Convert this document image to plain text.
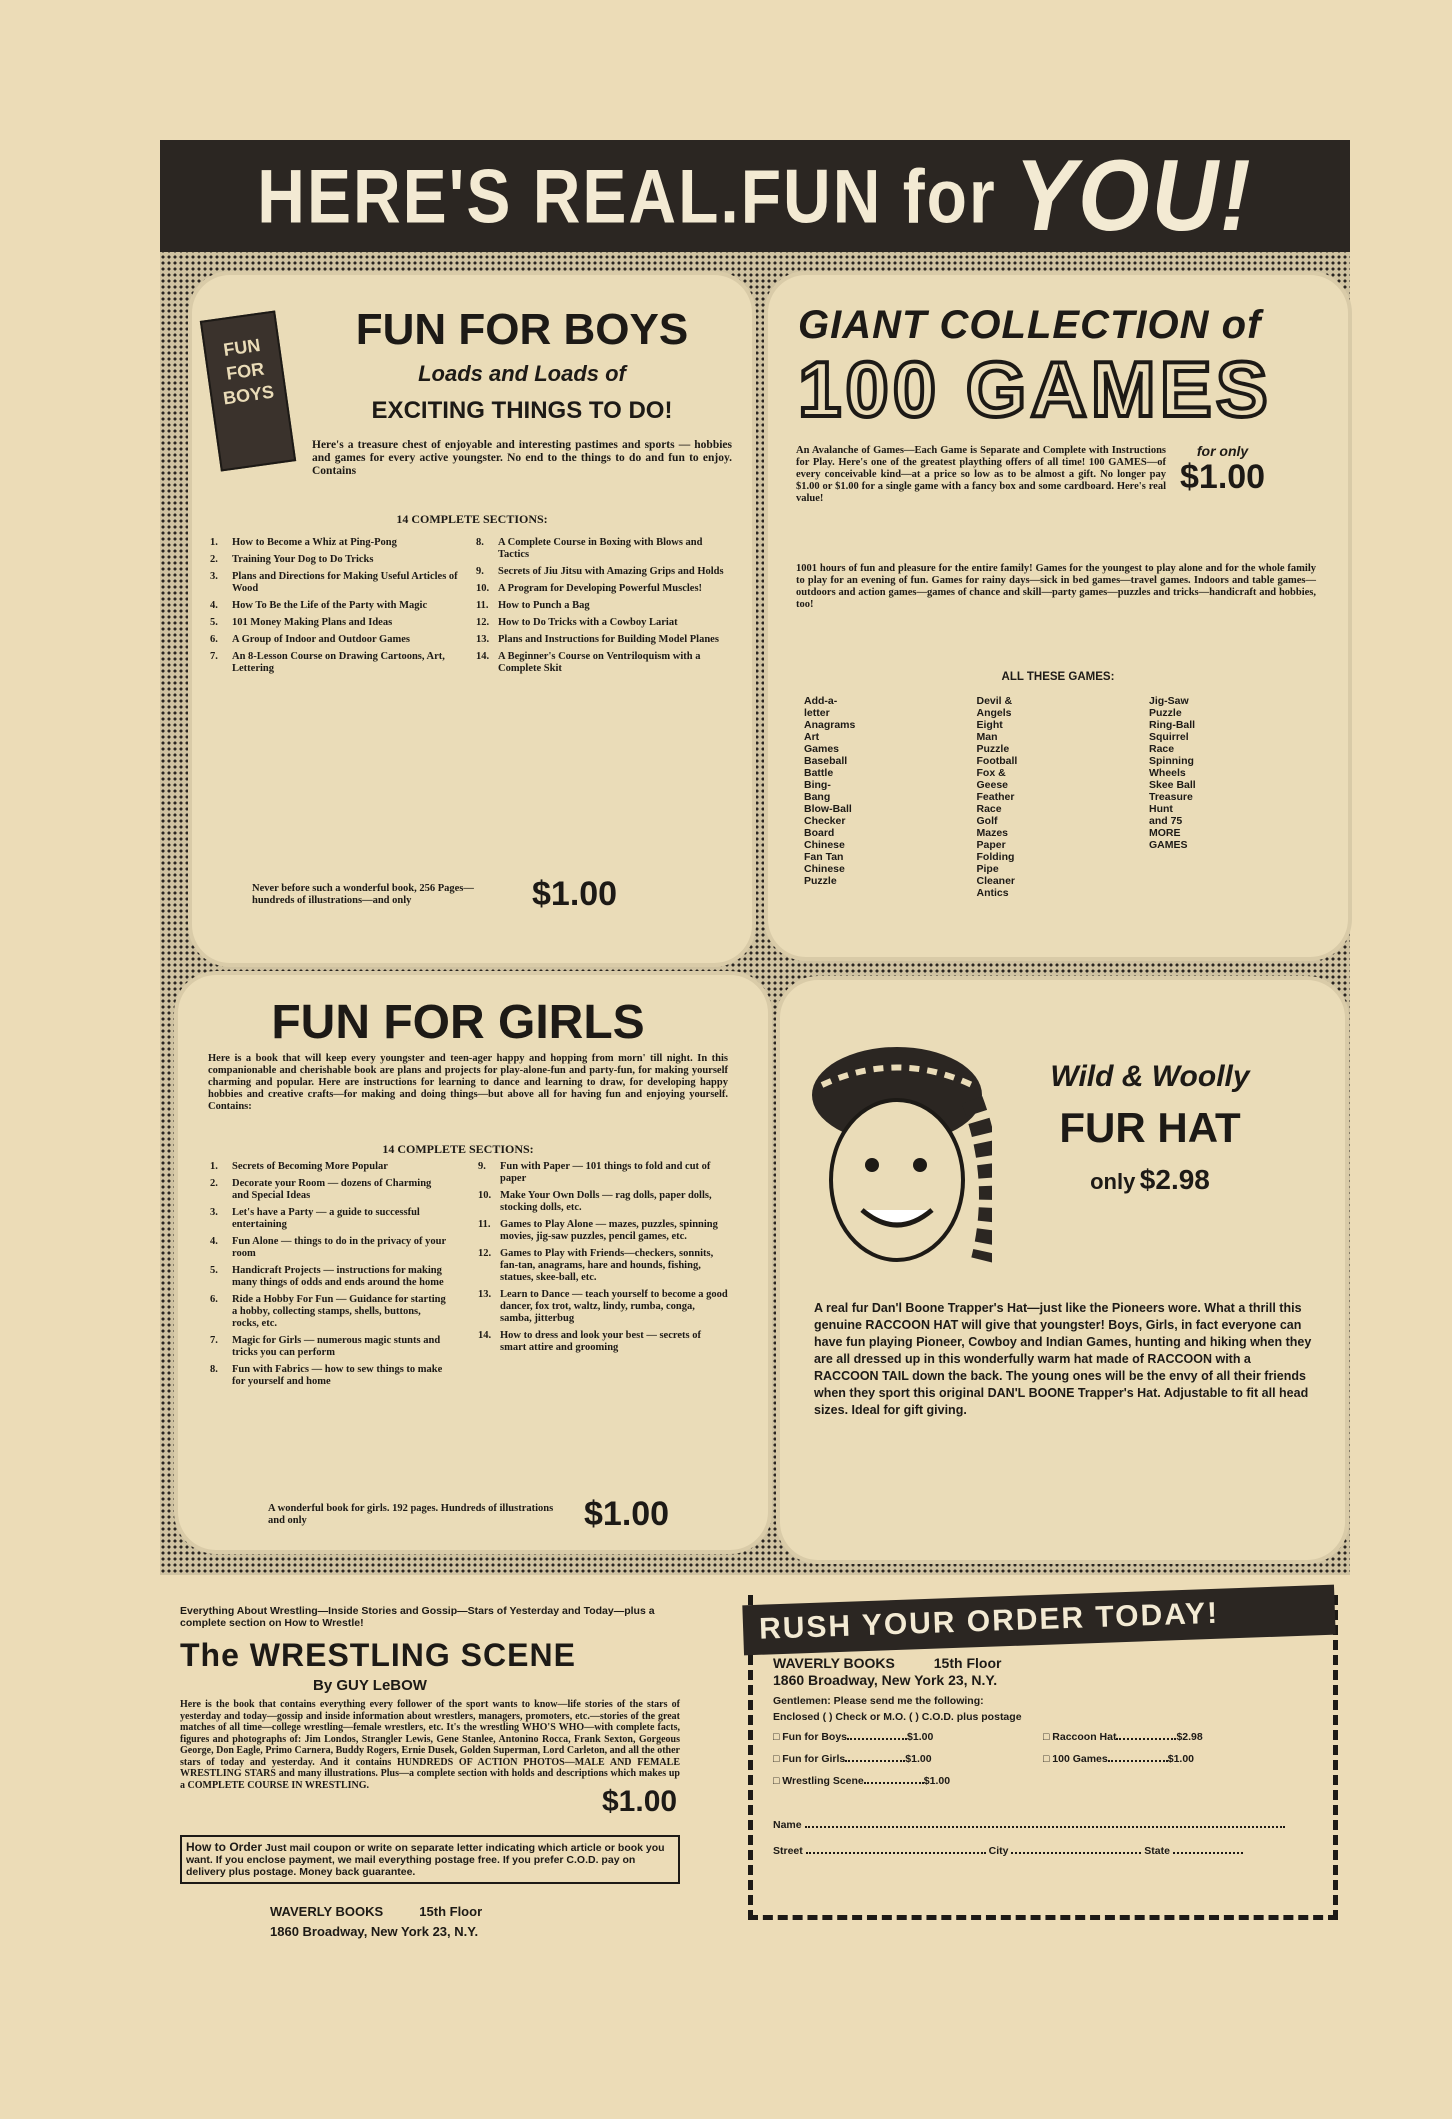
HERE'S REAL.FUN for YOU!
FUN FOR BOYS
FUN FOR BOYS
Loads and Loads of
EXCITING THINGS TO DO!
Here's a treasure chest of enjoyable and interesting pastimes and sports — hobbies and games for every active youngster. No end to the things to do and fun to enjoy. Contains
14 COMPLETE SECTIONS:
1.	How to Become a Whiz at Ping-Pong
2.	Training Your Dog to Do Tricks
3.	Plans and Directions for Making Useful Articles of Wood
4.	How To Be the Life of the Party with Magic
5.	101 Money Making Plans and Ideas
6.	A Group of Indoor and Outdoor Games
7.	An 8-Lesson Course on Drawing Cartoons, Art, Lettering
8.	A Complete Course in Boxing with Blows and Tactics
9.	Secrets of Jiu Jitsu with Amazing Grips and Holds
10. A Program for Developing Powerful Muscles!
11. How to Punch a Bag
12. How to Do Tricks with a Cowboy Lariat
13. Plans and Instructions for Building Model Planes
14. A Beginner's Course on Ventriloquism with a Complete Skit
Never before such a wonderful book, 256 Pages—hundreds of illustrations—and only	$1.00
GIANT COLLECTION of
100 GAMES
An Avalanche of Games—Each Game is Separate and Complete with Instructions for Play. Here's one of the greatest plaything offers of all time! 100 GAMES—of every conceivable kind—at a price so low as to be almost a gift. No longer pay $1.00 or $1.00 for a single game with a fancy box and some cardboard. Here's real value!
for only
$1.00
1001 hours of fun and pleasure for the entire family! Games for the youngest to play alone and for the whole family to play for an evening of fun. Games for rainy days—sick in bed games—travel games. Indoors and table games—outdoors and action games—games of chance and skill—party games—puzzles and tricks—handicraft and hobbies, too!
ALL THESE GAMES:
Add-a-letter
Anagrams
Art Games
Baseball
Battle
Bing-Bang
Blow-Ball
Checker Board
Chinese Fan Tan
Chinese Puzzle
Devil & Angels
Eight Man Puzzle
Football
Fox & Geese
Feather Race
Golf
Mazes
Paper Folding
Pipe Cleaner Antics
Jig-Saw Puzzle
Ring-Ball
Squirrel Race
Spinning Wheels
Skee Ball
Treasure Hunt
and 75 MORE GAMES
FUN FOR GIRLS
Here is a book that will keep every youngster and teen-ager happy and hopping from morn' till night. In this companionable and cherishable book are plans and projects for play-alone-fun and party-fun, for making yourself charming and popular. Here are instructions for learning to dance and learning to draw, for developing happy hobbies and creative crafts—for making and doing things—but above all for having fun and enjoying yourself. Contains:
14 COMPLETE SECTIONS:
1.	Secrets of Becoming More Popular
2.	Decorate your Room — dozens of Charming and Special Ideas
3.	Let's have a Party — a guide to successful entertaining
4.	Fun Alone — things to do in the privacy of your room
5.	Handicraft Projects — instructions for making many things of odds and ends around the home
6.	Ride a Hobby For Fun — Guidance for starting a hobby, collecting stamps, shells, buttons, rocks, etc.
7.	Magic for Girls — numerous magic stunts and tricks you can perform
8.	Fun with Fabrics — how to sew things to make for yourself and home
9.	Fun with Paper — 101 things to fold and cut of paper
10. Make Your Own Dolls — rag dolls, paper dolls, stocking dolls, etc.
11. Games to Play Alone — mazes, puzzles, spinning movies, jig-saw puzzles, pencil games, etc.
12. Games to Play with Friends—checkers, sonnits, fan-tan, anagrams, hare and hounds, fishing, statues, skee-ball, etc.
13. Learn to Dance — teach yourself to become a good dancer, fox trot, waltz, lindy, rumba, conga, samba, jitterbug
14. How to dress and look your best — secrets of smart attire and grooming
A wonderful book for girls. 192 pages. Hundreds of illustrations and only	$1.00
Wild & Woolly
FUR HAT
only $2.98
A real fur Dan'l Boone Trapper's Hat—just like the Pioneers wore. What a thrill this genuine RACCOON HAT will give that youngster! Boys, Girls, in fact everyone can have fun playing Pioneer, Cowboy and Indian Games, hunting and hiking when they are all dressed up in this wonderfully warm hat made of RACCOON with a RACCOON TAIL down the back. The young ones will be the envy of all their friends when they sport this original DAN'L BOONE Trapper's Hat. Adjustable to fit all head sizes. Ideal for gift giving.
Everything About Wrestling—Inside Stories and Gossip—Stars of Yesterday and Today—plus a complete section on How to Wrestle!
The WRESTLING SCENE
By GUY LeBOW
Here is the book that contains everything every follower of the sport wants to know—life stories of the stars of yesterday and today—gossip and inside information about wrestlers, managers, promoters, etc.—stories of the great matches of all time—college wrestling—female wrestlers, etc. It's the wrestling WHO'S WHO—with complete facts, figures and photographs of: Jim Londos, Strangler Lewis, Gene Stanlee, Antonino Rocca, Frank Sexton, Gorgeous George, Don Eagle, Primo Carnera, Buddy Rogers, Ernie Dusek, Golden Superman, Lord Carleton, and all the other stars of today and yesterday. And it contains HUNDREDS OF ACTION PHOTOS—MALE AND FEMALE WRESTLING STARS and many illustrations. Plus—a complete section with holds and descriptions which makes up a COMPLETE COURSE IN WRESTLING.	$1.00
How to Order Just mail coupon or write on separate letter indicating which article or book you want. If you enclose payment, we mail everything postage free. If you prefer C.O.D. pay on delivery plus postage. Money back guarantee.
WAVERLY BOOKS          15th Floor
1860 Broadway, New York 23, N.Y.
RUSH YOUR ORDER TODAY!
WAVERLY BOOKS          15th Floor
1860 Broadway, New York 23, N.Y.
Gentlemen: Please send me the following:
Enclosed ( ) Check or M.O. ( ) C.O.D. plus postage
□ Fun for Boys	$1.00	□ Raccoon Hat	$2.98
□ Fun for Girls	$1.00	□ 100 Games	$1.00
□ Wrestling Scene	$1.00
Name
Street	City	State
